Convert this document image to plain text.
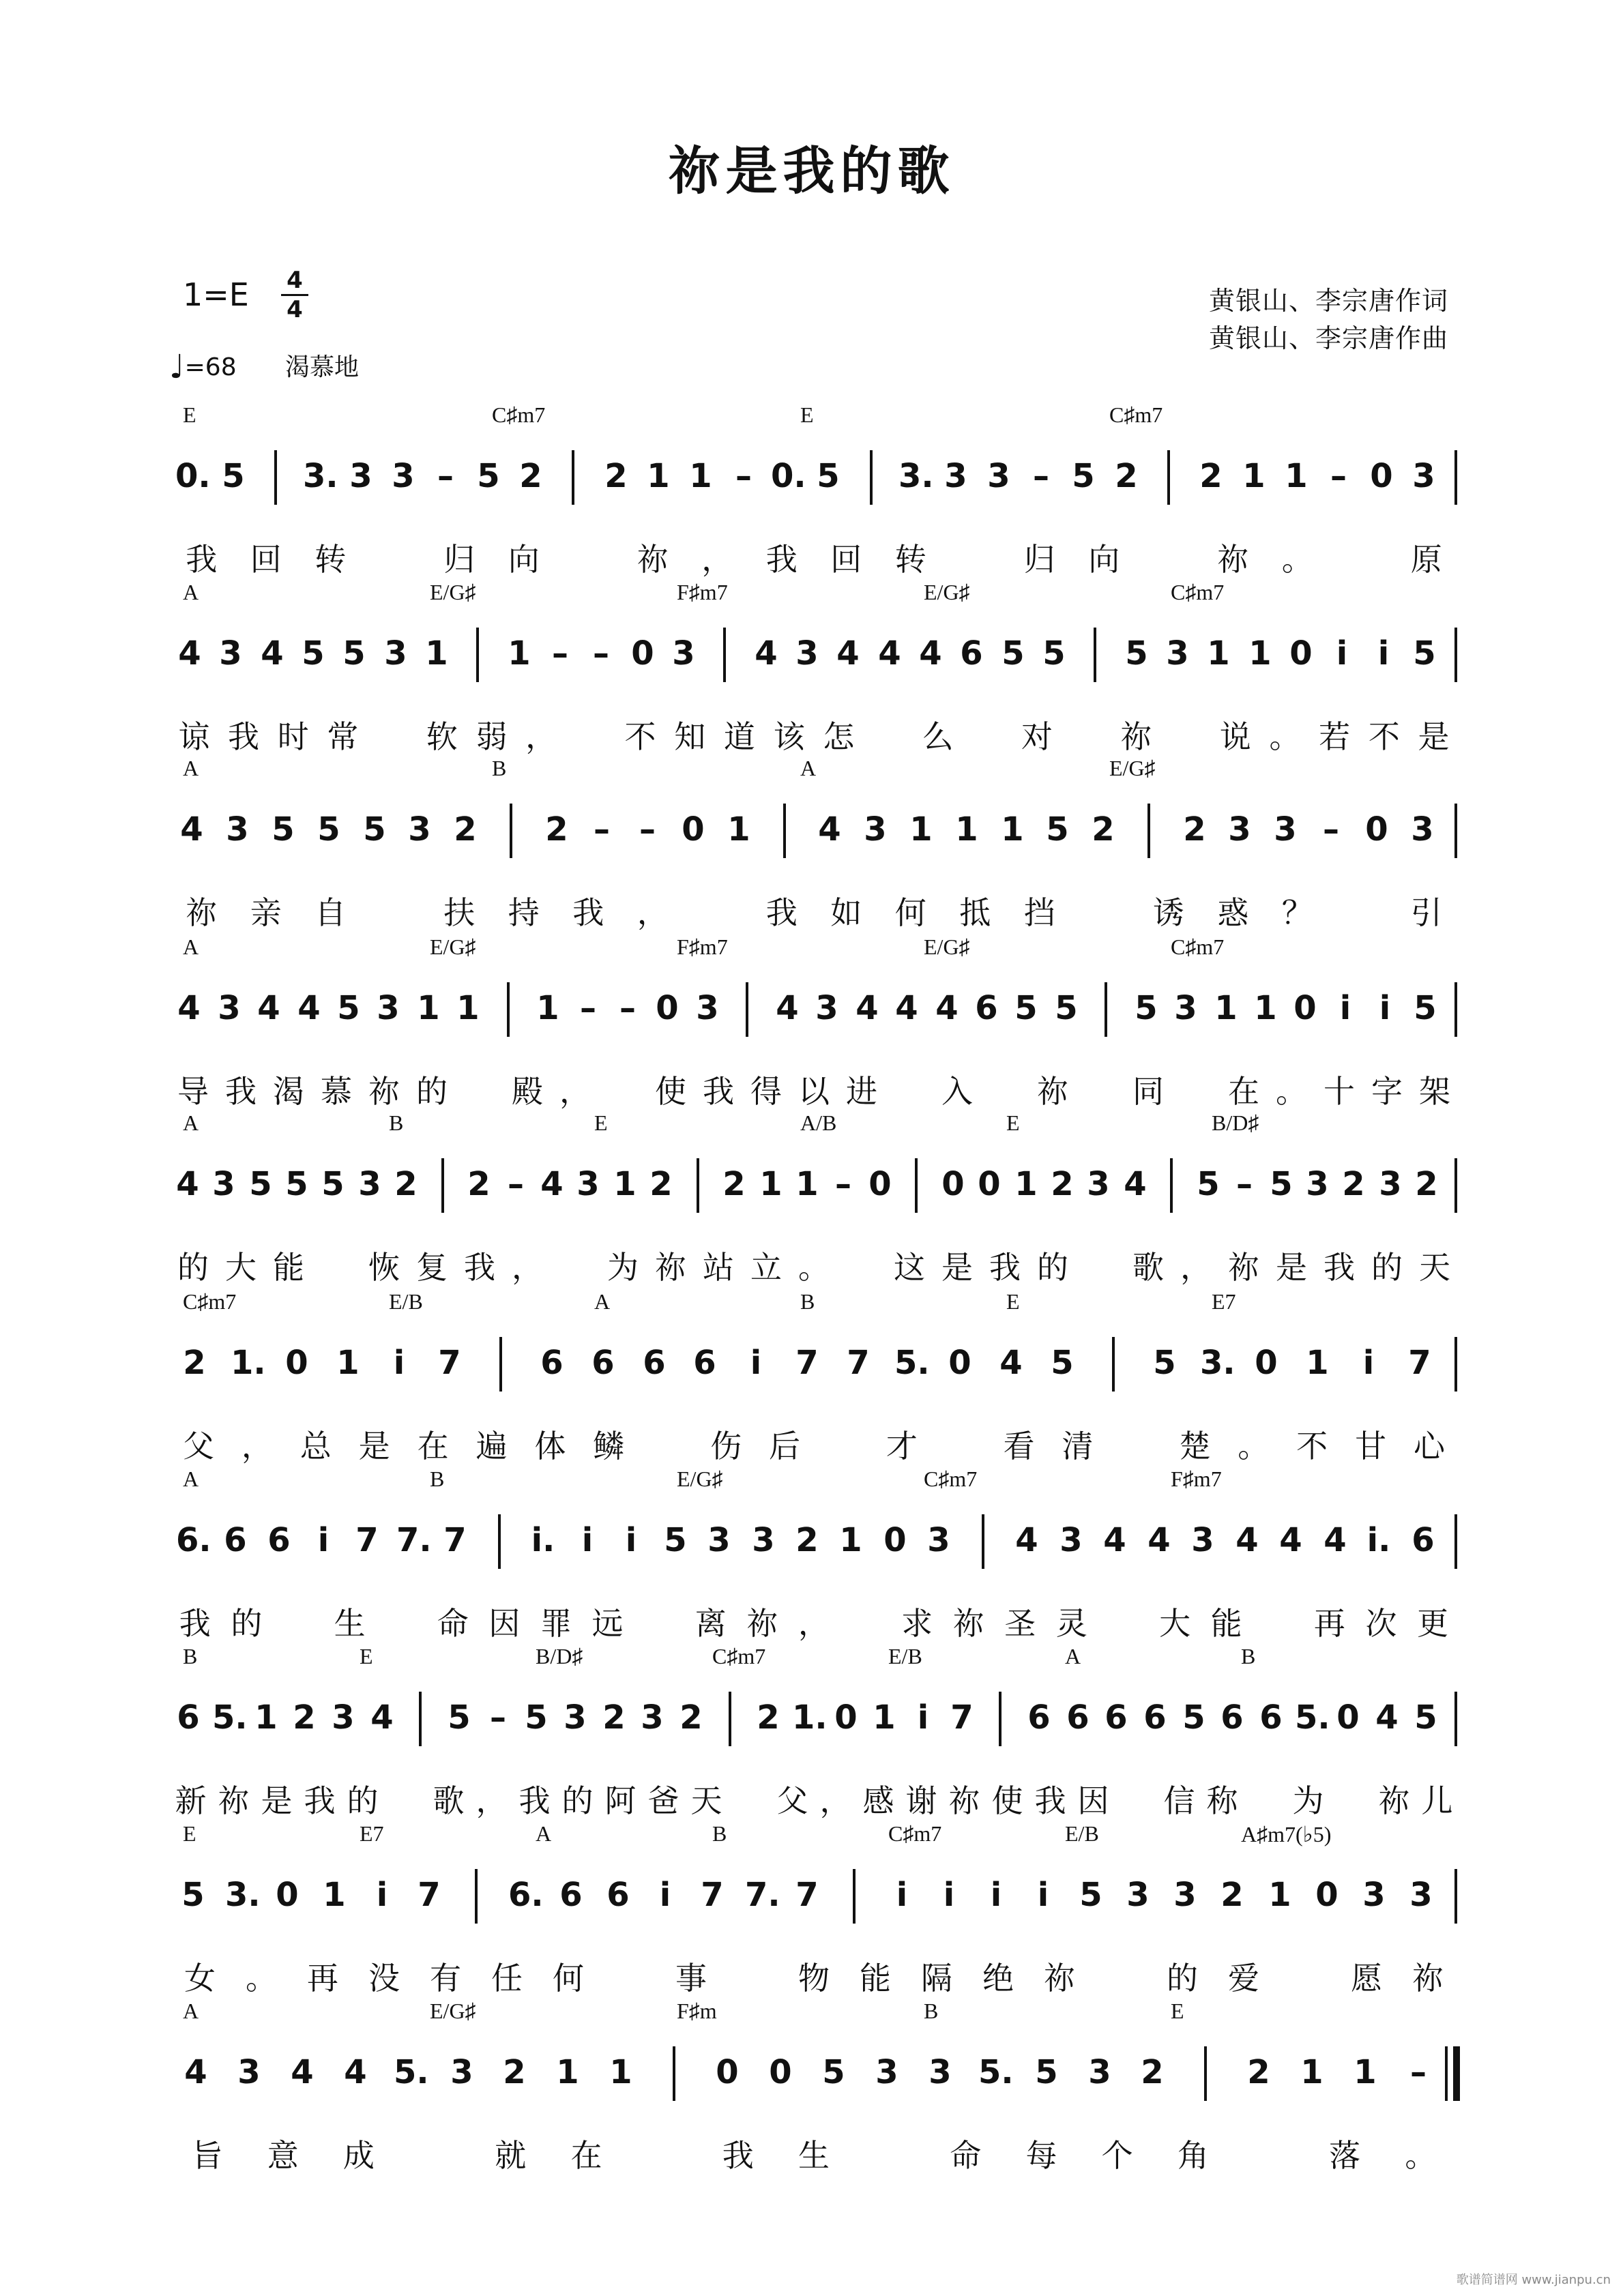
祢是我的歌
1=E 4
4
♩=68 渴慕地
黄银山、李宗唐作词
黄银山、李宗唐作曲
E	C♯m7	E	C♯m7
0. 5 3. 3 3 – 5 2 2 1 1 – 0. 5 3. 3 3 – 5 2 2 1 1 – 0 3
我	回	转
	归	向
	祢	，	我	回	转
	归	向
	祢	。
	原
A	E/G♯	F♯m7	E/G♯	C♯m7
4 3 4 5 5 3 1 1 – – 0 3 4 3 4 4 4 6 5 5 5 3 1 1 0 i i 5
谅 我 时 常
软 弱 ，
不 知 道 该 怎
么
对
祢
说 。 若 不 是
A	B	A	E/G♯
4 3 5 5 5 3 2 2 – – 0 1 4 3 1 1 1 5 2 2 3 3 – 0 3
祢	亲	自
	扶	持	我	，
	我	如	何	抵	挡
	诱	惑	？
	引
A	E/G♯	F♯m7	E/G♯	C♯m7
4 3 4 4 5 3 1 1 1 – – 0 3 4 3 4 4 4 6 5 5 5 3 1 1 0 i i 5
导 我 渴 慕 祢 的
殿 ，
使 我 得 以 进
入
祢
同
在 。 十 字 架
A	B	E	A/B	E	B/D♯
4 3 5 5 5 3 2 2 – 4 3 1 2 2 1 1 – 0 0 0 1 2 3 4 5 – 5 3 2 3 2
的 大 能
恢 复 我 ，
为 祢 站 立 。
这 是 我 的
歌 ， 祢 是 我 的 天
C♯m7	E/B	A	B	E	E7
2 1. 0 1 i 7 6 6 6 6 i 7 7 5. 0 4 5 5 3. 0 1 i 7
父 ， 总 是 在 遍 体 鳞
	伤 后
	才
	看 清
	楚 。 不 甘 心
A	B	E/G♯	C♯m7	F♯m7
6. 6 6 i 7 7. 7 i. i i 5 3 3 2 1 0 3 4 3 4 4 3 4 4 4 i. 6
我 的
	生
	命 因 罪 远
	离 祢 ，
	求 祢 圣 灵
	大 能
	再 次 更
B	E	B/D♯	C♯m7	E/B	A	B
6 5. 1 2 3 4 5 – 5 3 2 3 2 2 1. 0 1 i 7 6 6 6 6 5 6 6 5. 0 4 5
新 祢 是 我 的
歌 ， 我 的 阿 爸 天
父 ， 感 谢 祢 使 我 因
信 称
为
祢 儿
E	E7	A	B	C♯m7	E/B	A♯m7(♭5)
5 3. 0 1 i 7 6. 6 6 i 7 7. 7 i i i i 5 3 3 2 1 0 3 3
女 。 再 没 有 任 何
	事
	物 能 隔 绝 祢
	的 爱
	愿 祢
A	E/G♯	F♯m	B	E
4 3 4 4 5. 3 2 1 1	0 0 5 3 3 5. 5 3 2	2 1 1 –
旨	意	成
	就	在
	我	生
	命	每	个	角
	落	。
歌谱简谱网 www.jianpu.cn
